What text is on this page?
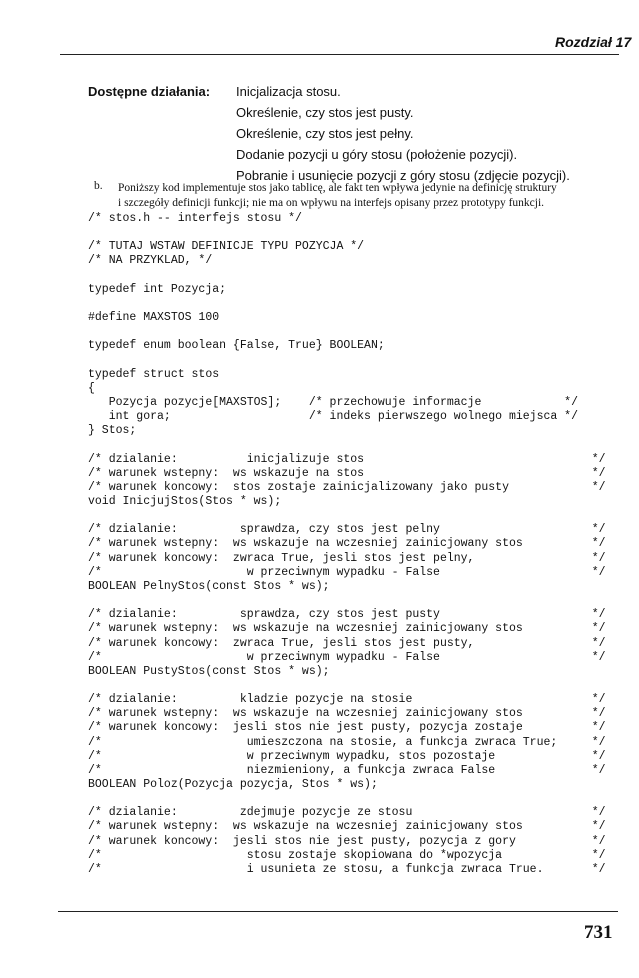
Rozdział 17
Dostępne działania: Inicjalizacja stosu.
Określenie, czy stos jest pusty.
Określenie, czy stos jest pełny.
Dodanie pozycji u góry stosu (położenie pozycji).
Pobranie i usunięcie pozycji z góry stosu (zdjęcie pozycji).
b. Poniższy kod implementuje stos jako tablicę, ale fakt ten wpływa jedynie na definicję struktury
i szczegóły definicji funkcji; nie ma on wpływu na interfejs opisany przez prototypy funkcji.
/* stos.h -- interfejs stosu */
/* TUTAJ WSTAW DEFINICJE TYPU POZYCJA */
/* NA PRZYKLAD, */
typedef int Pozycja;
#define MAXSTOS 100
typedef enum boolean {False, True} BOOLEAN;
typedef struct stos
{
Pozycja pozycje[MAXSTOS];    /* przechowuje informacje            */
int gora;                    /* indeks pierwszego wolnego miejsca */
} Stos;
/* dzialanie:          inicjalizuje stos                                 */
/* warunek wstepny:  ws wskazuje na stos                                 */
/* warunek koncowy:  stos zostaje zainicjalizowany jako pusty            */
void InicjujStos(Stos * ws);
/* dzialanie:         sprawdza, czy stos jest pelny                      */
/* warunek wstepny:  ws wskazuje na wczesniej zainicjowany stos          */
/* warunek koncowy:  zwraca True, jesli stos jest pelny,                 */
/*                     w przeciwnym wypadku - False                      */
BOOLEAN PelnyStos(const Stos * ws);
/* dzialanie:         sprawdza, czy stos jest pusty                      */
/* warunek wstepny:  ws wskazuje na wczesniej zainicjowany stos          */
/* warunek koncowy:  zwraca True, jesli stos jest pusty,                 */
/*                     w przeciwnym wypadku - False                      */
BOOLEAN PustyStos(const Stos * ws);
/* dzialanie:         kladzie pozycje na stosie                          */
/* warunek wstepny:  ws wskazuje na wczesniej zainicjowany stos          */
/* warunek koncowy:  jesli stos nie jest pusty, pozycja zostaje          */
/*                     umieszczona na stosie, a funkcja zwraca True;     */
/*                     w przeciwnym wypadku, stos pozostaje              */
/*                     niezmieniony, a funkcja zwraca False              */
BOOLEAN Poloz(Pozycja pozycja, Stos * ws);
/* dzialanie:         zdejmuje pozycje ze stosu                          */
/* warunek wstepny:  ws wskazuje na wczesniej zainicjowany stos          */
/* warunek koncowy:  jesli stos nie jest pusty, pozycja z gory           */
/*                     stosu zostaje skopiowana do *wpozycja             */
/*                     i usunieta ze stosu, a funkcja zwraca True.       */
731
